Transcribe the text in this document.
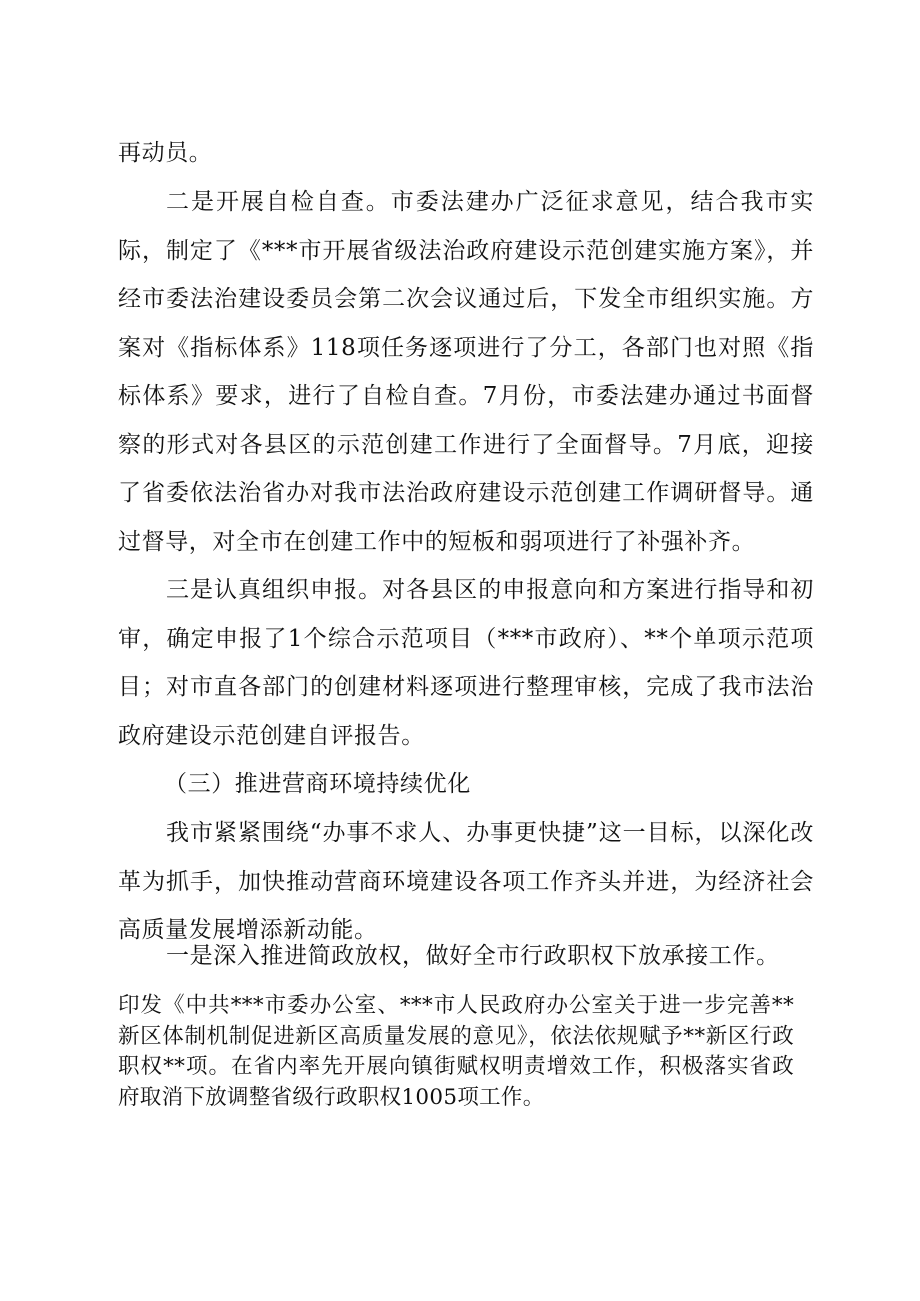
再动员。

二是开展自检自查。市委法建办广泛征求意见，结合我市实际，制定了《***市开展省级法治政府建设示范创建实施方案》，并经市委法治建设委员会第二次会议通过后，下发全市组织实施。方案对《指标体系》118项任务逐项进行了分工，各部门也对照《指标体系》要求，进行了自检自查。7月份，市委法建办通过书面督察的形式对各县区的示范创建工作进行了全面督导。7月底，迎接了省委依法治省办对我市法治政府建设示范创建工作调研督导。通过督导，对全市在创建工作中的短板和弱项进行了补强补齐。

三是认真组织申报。对各县区的申报意向和方案进行指导和初审，确定申报了1个综合示范项目（***市政府）、**个单项示范项目；对市直各部门的创建材料逐项进行整理审核，完成了我市法治政府建设示范创建自评报告。

（三）推进营商环境持续优化

我市紧紧围绕“办事不求人、办事更快捷”这一目标，以深化改革为抓手，加快推动营商环境建设各项工作齐头并进，为经济社会高质量发展增添新动能。

一是深入推进简政放权，做好全市行政职权下放承接工作。

印发《中共***市委办公室、***市人民政府办公室关于进一步完善**新区体制机制促进新区高质量发展的意见》，依法依规赋予**新区行政职权**项。在省内率先开展向镇街赋权明责增效工作，积极落实省政府取消下放调整省级行政职权1005项工作。
